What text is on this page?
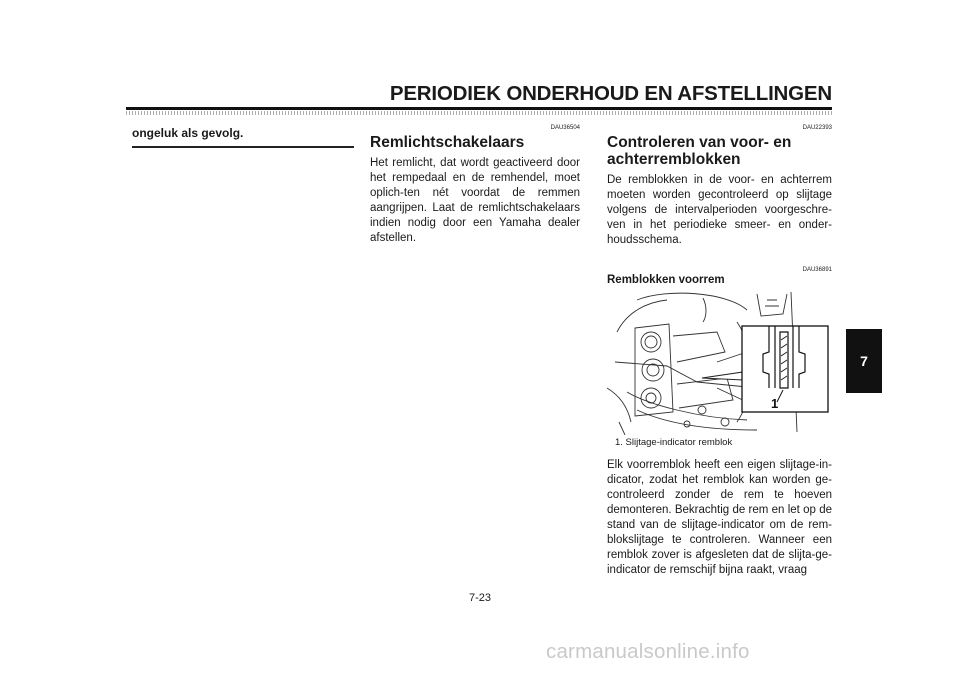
PERIODIEK ONDERHOUD EN AFSTELLINGEN
ongeluk als gevolg.	DAU36504
Remlichtschakelaars

Het remlicht, dat wordt geactiveerd door het rempedaal en de remhendel, moet oplich-ten nét voordat de remmen aangrijpen. Laat de remlichtschakelaars indien nodig door een Yamaha dealer afstellen.

DAU22393
Controleren van voor- en achterremblokken

De remblokken in de voor- en achterrem moeten worden gecontroleerd op slijtage volgens de intervalperioden voorgeschre-ven in het periodieke smeer- en onder-houdsschema.

DAU36891
Remblokken voorrem
1
1. Slijtage-indicator remblok

Elk voorremblok heeft een eigen slijtage-in-dicator, zodat het remblok kan worden ge-controleerd zonder de rem te hoeven demonteren. Bekrachtig de rem en let op de stand van de slijtage-indicator om de rem-blokslijtage te controleren. Wanneer een remblok zover is afgesleten dat de slijta-ge-indicator de remschijf bijna raakt, vraag

7
7-23
carmanualsonline.info
